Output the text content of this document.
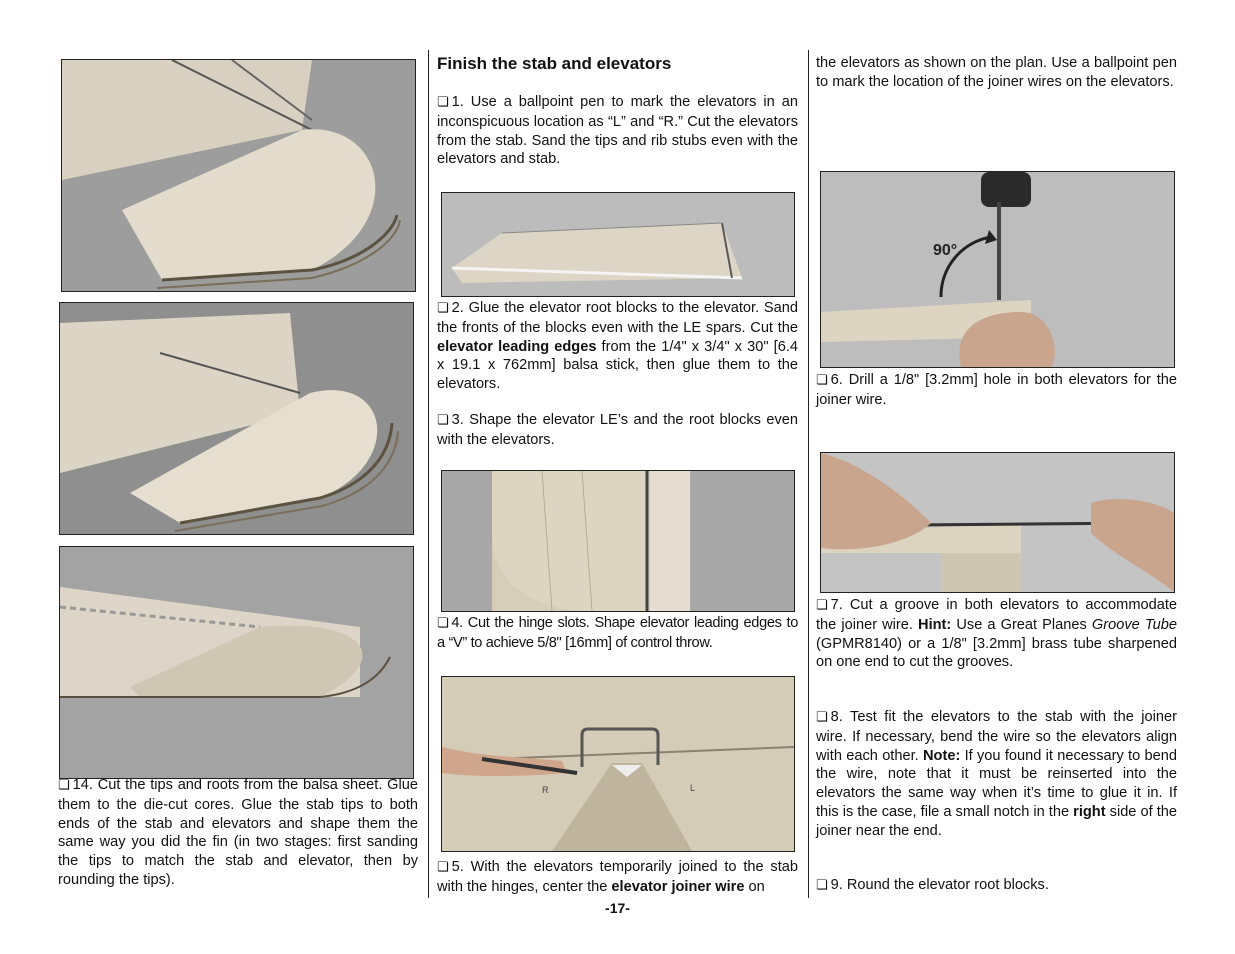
❏ 14. Cut the tips and roots from the balsa sheet. Glue them to the die-cut cores. Glue the stab tips to both ends of the stab and elevators and shape them the same way you did the fin (in two stages: first sanding the tips to match the stab and elevator, then by rounding the tips).

Finish the stab and elevators

❏ 1. Use a ballpoint pen to mark the elevators in an inconspicuous location as “L” and “R.” Cut the elevators from the stab. Sand the tips and rib stubs even with the elevators and stab.

❏ 2. Glue the elevator root blocks to the elevator. Sand the fronts of the blocks even with the LE spars. Cut the elevator leading edges from the 1/4" x 3/4" x 30" [6.4 x 19.1 x 762mm] balsa stick, then glue them to the elevators.

❏ 3. Shape the elevator LE’s and the root blocks even with the elevators.

❏ 4. Cut the hinge slots. Shape elevator leading edges to a “V” to achieve 5/8" [16mm] of control throw.

R	L

❏ 5. With the elevators temporarily joined to the stab with the hinges, center the elevator joiner wire on

-17-

the elevators as shown on the plan. Use a ballpoint pen to mark the location of the joiner wires on the elevators.

90°

❏ 6. Drill a 1/8" [3.2mm] hole in both elevators for the joiner wire.

❏ 7. Cut a groove in both elevators to accommodate the joiner wire. Hint: Use a Great Planes Groove Tube (GPMR8140) or a 1/8" [3.2mm] brass tube sharpened on one end to cut the grooves.

❏ 8. Test fit the elevators to the stab with the joiner wire. If necessary, bend the wire so the elevators align with each other. Note: If you found it necessary to bend the wire, note that it must be reinserted into the elevators the same way when it’s time to glue it in. If this is the case, file a small notch in the right side of the joiner near the end.

❏ 9. Round the elevator root blocks.
